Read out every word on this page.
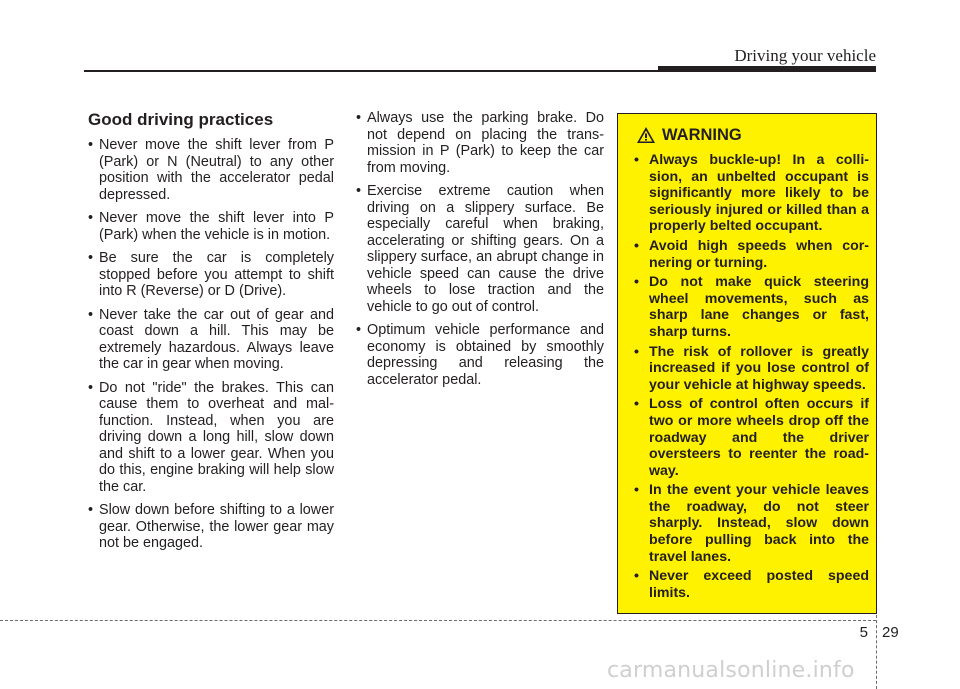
Driving your vehicle
Good driving practices
• Never move the shift lever from P (Park) or N (Neutral) to any other position with the accelerator pedal depressed.
• Never move the shift lever into P (Park) when the vehicle is in motion.
• Be sure the car is completely stopped before you attempt to shift into R (Reverse) or D (Drive).
• Never take the car out of gear and coast down a hill. This may be extremely hazardous. Always leave the car in gear when moving.
• Do not "ride" the brakes. This can cause them to overheat and mal-function. Instead, when you are driving down a long hill, slow down and shift to a lower gear. When you do this, engine braking will help slow the car.
• Slow down before shifting to a lower gear. Otherwise, the lower gear may not be engaged.
• Always use the parking brake. Do not depend on placing the trans-mission in P (Park) to keep the car from moving.
• Exercise extreme caution when driving on a slippery surface. Be especially careful when braking, accelerating or shifting gears. On a slippery surface, an abrupt change in vehicle speed can cause the drive wheels to lose traction and the vehicle to go out of control.
• Optimum vehicle performance and economy is obtained by smoothly depressing and releasing the accelerator pedal.
WARNING
• Always buckle-up! In a colli-sion, an unbelted occupant is significantly more likely to be seriously injured or killed than a properly belted occupant.
• Avoid high speeds when cor-nering or turning.
• Do not make quick steering wheel movements, such as sharp lane changes or fast, sharp turns.
• The risk of rollover is greatly increased if you lose control of your vehicle at highway speeds.
• Loss of control often occurs if two or more wheels drop off the roadway and the driver oversteers to reenter the road-way.
• In the event your vehicle leaves the roadway, do not steer sharply. Instead, slow down before pulling back into the travel lanes.
• Never exceed posted speed limits.
5 29
carmanualsonline.info
